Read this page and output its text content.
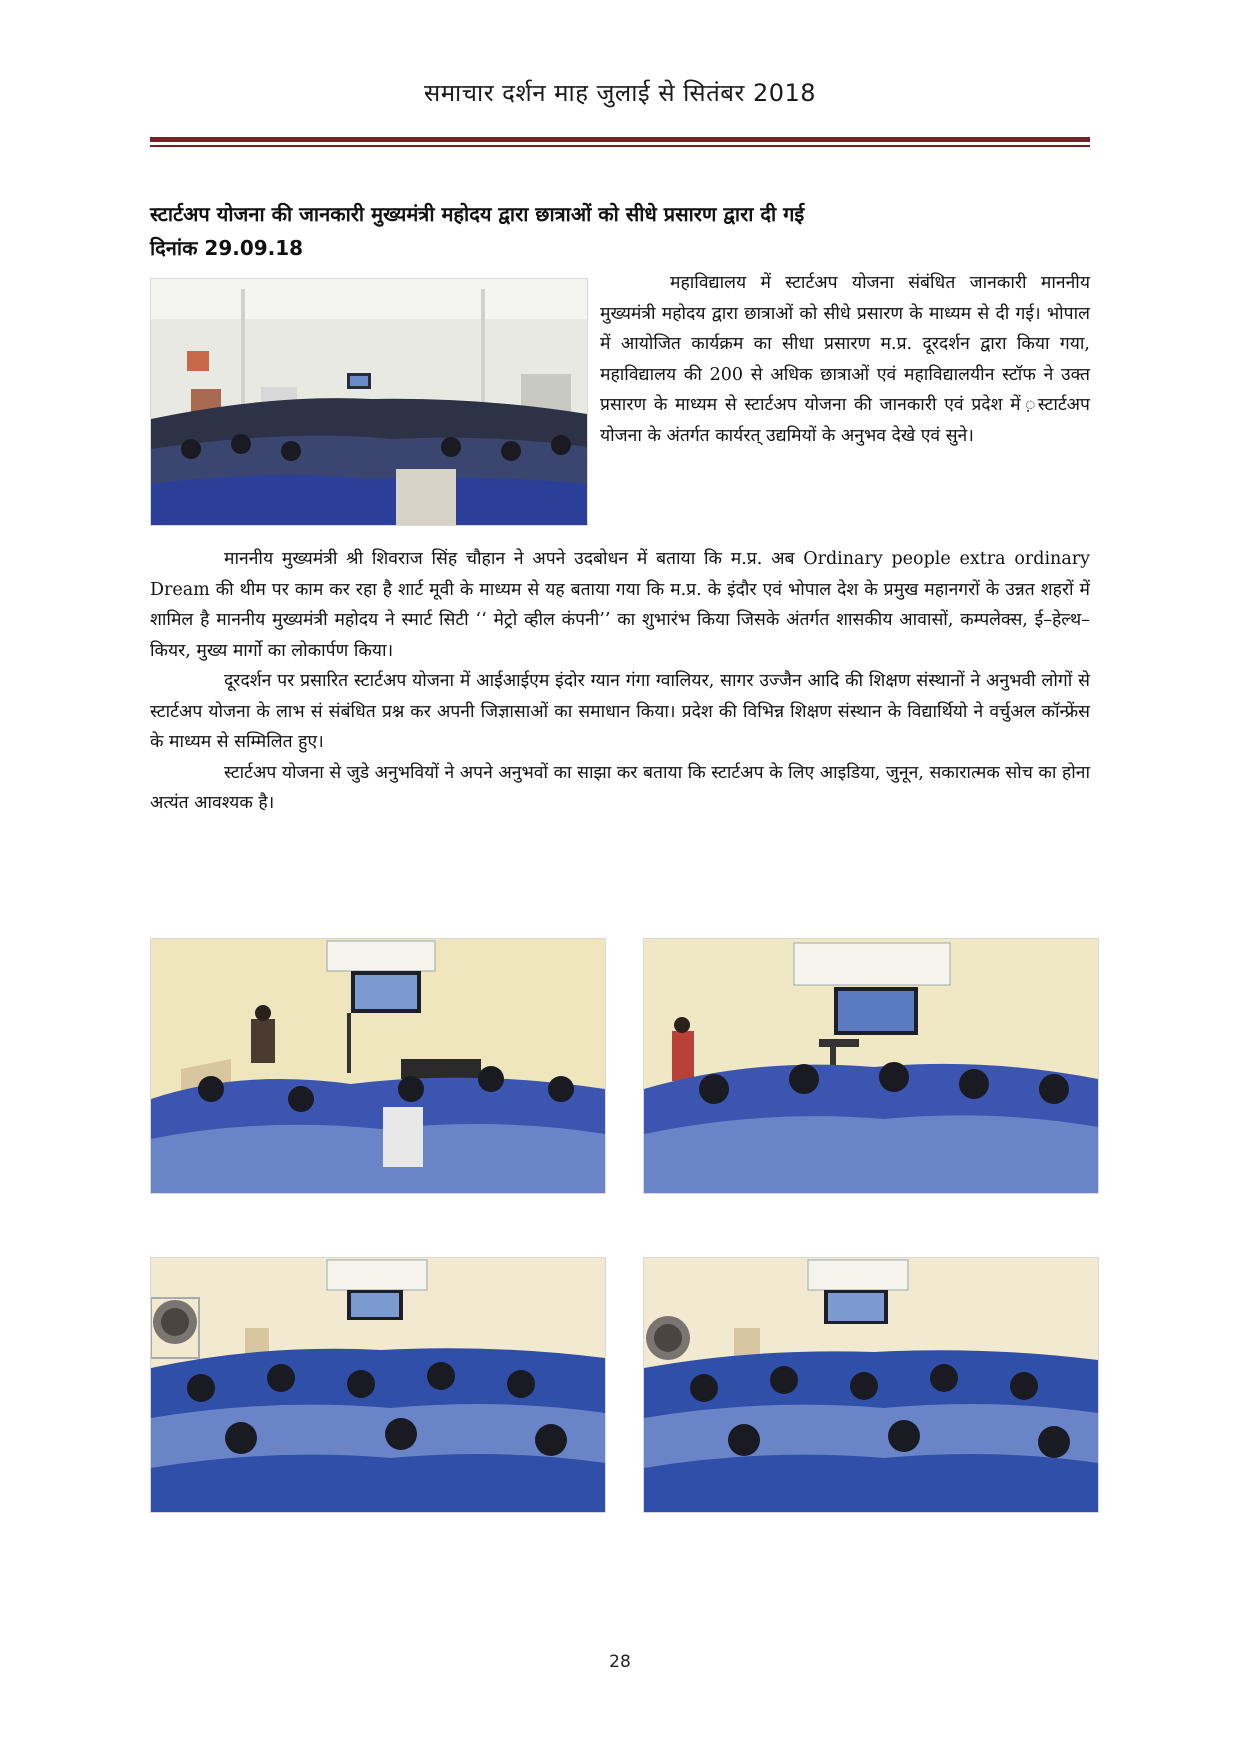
समाचार दर्शन माह जुलाई से सितंबर 2018
स्टार्टअप योजना की जानकारी मुख्यमंत्री महोदय द्वारा छात्राओं को सीधे प्रसारण द्वारा दी गई
दिनांक 29.09.18

महाविद्यालय में स्टार्टअप योजना संबंधित जानकारी माननीय मुख्यमंत्री महोदय द्वारा छात्राओं को सीधे प्रसारण के माध्यम से दी गई। भोपाल में आयोजित कार्यक्रम का सीधा प्रसारण म.प्र. दूरदर्शन द्वारा किया गया, महाविद्यालय की 200 से अधिक छात्राओं एवं महाविद्यालयीन स्टॉफ ने उक्त प्रसारण के माध्यम से स्टार्टअप योजना की जानकारी एवं प्रदेश में ़स्टार्टअप योजना के अंतर्गत कार्यरत् उद्यमियों के अनुभव देखे एवं सुने।

माननीय मुख्यमंत्री श्री शिवराज सिंह चौहान ने अपने उदबोधन में बताया कि म.प्र. अब Ordinary people extra ordinary Dream की थीम पर काम कर रहा है शार्ट मूवी के माध्यम से यह बताया गया कि म.प्र. के इंदौर एवं भोपाल देश के प्रमुख महानगरों के उन्नत शहरों में शामिल है माननीय मुख्यमंत्री महोदय ने स्मार्ट सिटी ‘‘ मेट्रो व्हील कंपनी’’ का शुभारंभ किया जिसके अंतर्गत शासकीय आवासों, कम्पलेक्स, ई–हेल्थ–कियर, मुख्य मार्गो का लोकार्पण किया।

दूरदर्शन पर प्रसारित स्टार्टअप योजना में आईआईएम इंदोर ग्यान गंगा ग्वालियर, सागर उज्जैन आदि की शिक्षण संस्थानों ने अनुभवी लोगों से स्टार्टअप योजना के लाभ सं संबंधित प्रश्न कर अपनी जिज्ञासाओं का समाधान किया। प्रदेश की विभिन्न शिक्षण संस्थान के विद्यार्थियो ने वर्चुअल कॉन्फ्रेंस के माध्यम से सम्मिलित हुए।

स्टार्टअप योजना से जुडे अनुभवियों ने अपने अनुभवों का साझा कर बताया कि स्टार्टअप के लिए आइडिया, जुनून, सकारात्मक सोच का होना अत्यंत आवश्यक है।

28
